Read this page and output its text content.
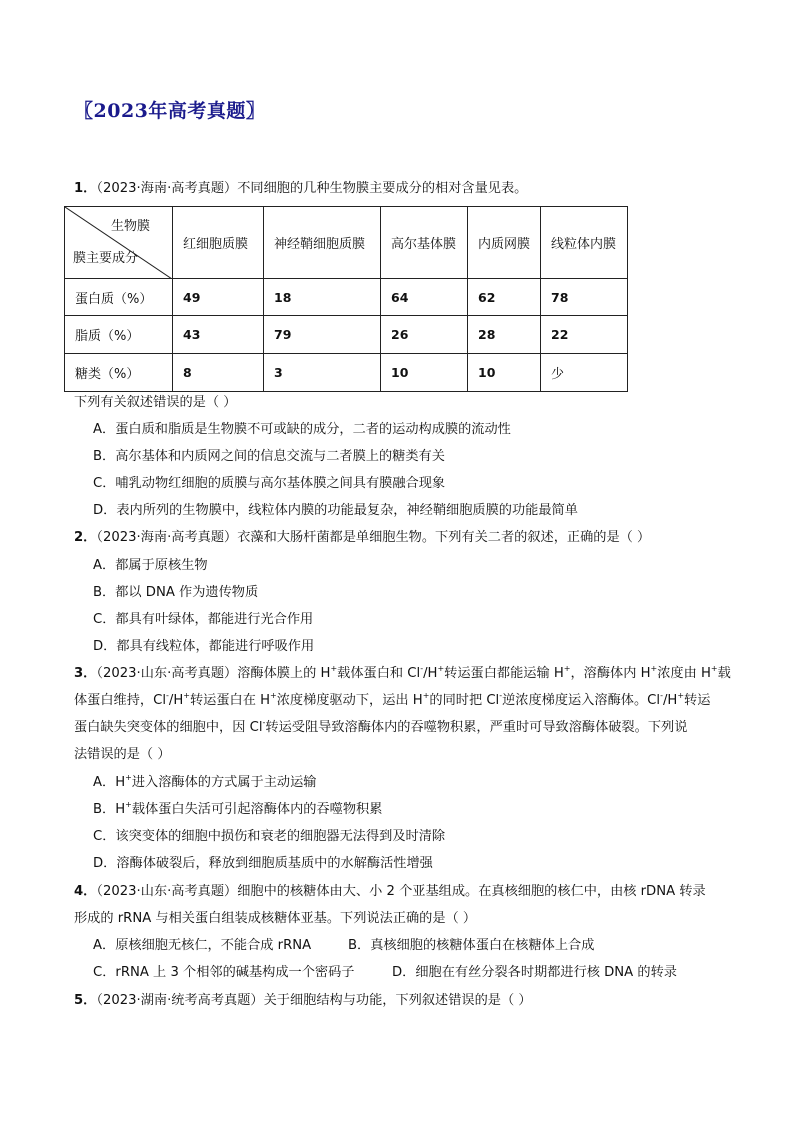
〖2023年高考真题〗
1．（2023·海南·高考真题）不同细胞的几种生物膜主要成分的相对含量见表。
生物膜
膜主要成分	红细胞质膜	神经鞘细胞质膜	高尔基体膜	内质网膜	线粒体内膜
蛋白质（%）	49	18	64	62	78
脂质（%）	43	79	26	28	22
糖类（%）	8	3	10	10	少
下列有关叙述错误的是（ ）
A．蛋白质和脂质是生物膜不可或缺的成分，二者的运动构成膜的流动性
B．高尔基体和内质网之间的信息交流与二者膜上的糖类有关
C．哺乳动物红细胞的质膜与高尔基体膜之间具有膜融合现象
D．表内所列的生物膜中，线粒体内膜的功能最复杂，神经鞘细胞质膜的功能最简单
2．（2023·海南·高考真题）衣藻和大肠杆菌都是单细胞生物。下列有关二者的叙述，正确的是（ ）
A．都属于原核生物
B．都以 DNA 作为遗传物质
C．都具有叶绿体，都能进行光合作用
D．都具有线粒体，都能进行呼吸作用
3．（2023·山东·高考真题）溶酶体膜上的 H+载体蛋白和 Cl-/H+转运蛋白都能运输 H+，溶酶体内 H+浓度由 H+载
体蛋白维持，Cl-/H+转运蛋白在 H+浓度梯度驱动下，运出 H+的同时把 Cl-逆浓度梯度运入溶酶体。Cl-/H+转运
蛋白缺失突变体的细胞中，因 Cl-转运受阻导致溶酶体内的吞噬物积累，严重时可导致溶酶体破裂。下列说
法错误的是（ ）
A．H+进入溶酶体的方式属于主动运输
B．H+载体蛋白失活可引起溶酶体内的吞噬物积累
C．该突变体的细胞中损伤和衰老的细胞器无法得到及时清除
D．溶酶体破裂后，释放到细胞质基质中的水解酶活性增强
4．（2023·山东·高考真题）细胞中的核糖体由大、小 2 个亚基组成。在真核细胞的核仁中，由核 rDNA 转录
形成的 rRNA 与相关蛋白组装成核糖体亚基。下列说法正确的是（ ）
A．原核细胞无核仁，不能合成 rRNA	B．真核细胞的核糖体蛋白在核糖体上合成
C．rRNA 上 3 个相邻的碱基构成一个密码子	D．细胞在有丝分裂各时期都进行核 DNA 的转录
5．（2023·湖南·统考高考真题）关于细胞结构与功能，下列叙述错误的是（ ）
